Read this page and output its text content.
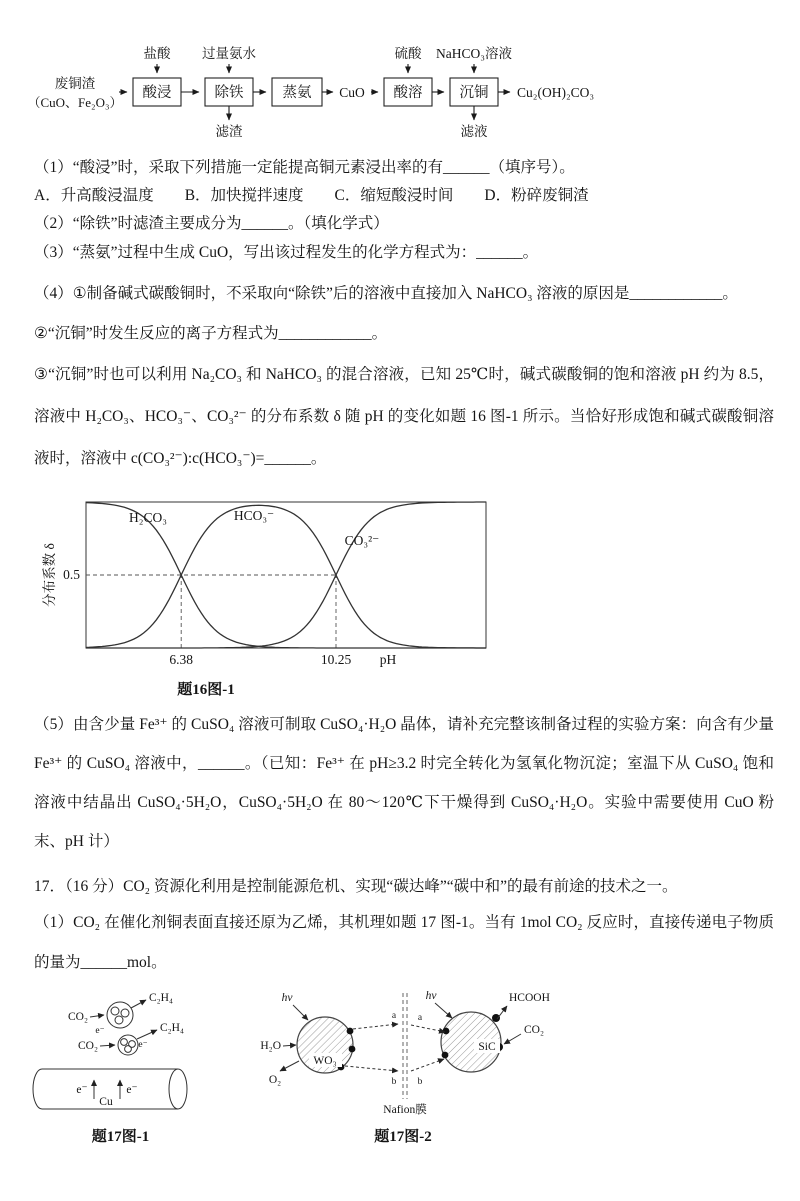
酸浸	除铁	蒸氨	酸溶	沉铜
盐酸 过量氨水	硫酸 NaHCO₃溶液
滤渣	滤液
废铜渣
（CuO、Fe₂O₃）
CuO	Cu₂(OH)₂CO₃

（1）“酸浸”时，采取下列措施一定能提高铜元素浸出率的有______（填序号）。

A．升高酸浸温度　　B．加快搅拌速度　　C．缩短酸浸时间　　D．粉碎废铜渣

（2）“除铁”时滤渣主要成分为______。（填化学式）

（3）“蒸氨”过程中生成 CuO，写出该过程发生的化学方程式为：______。

（4）①制备碱式碳酸铜时，不采取向“除铁”后的溶液中直接加入 NaHCO₃ 溶液的原因是____________。

②“沉铜”时发生反应的离子方程式为____________。

③“沉铜”时也可以利用 Na₂CO₃ 和 NaHCO₃ 的混合溶液，已知 25℃时，碱式碳酸铜的饱和溶液 pH 约为 8.5，溶液中 H₂CO₃、HCO₃⁻、CO₃²⁻ 的分布系数 δ 随 pH 的变化如题 16 图-1 所示。当恰好形成饱和碱式碳酸铜溶液时，溶液中 c(CO₃²⁻):c(HCO₃⁻)=______。

分布系数 δ 0.5
6.38	10.25 pH
H₂CO₃	HCO₃⁻
CO₃²⁻
题16图-1

（5）由含少量 Fe³⁺ 的 CuSO₄ 溶液可制取 CuSO₄·H₂O 晶体，请补充完整该制备过程的实验方案：向含有少量 Fe³⁺ 的 CuSO₄ 溶液中，______。（已知：Fe³⁺ 在 pH≥3.2 时完全转化为氢氧化物沉淀；室温下从 CuSO₄ 饱和溶液中结晶出 CuSO₄·5H₂O，CuSO₄·5H₂O 在 80～120℃下干燥得到 CuSO₄·H₂O。实验中需要使用 CuO 粉末、pH 计）

17．（16 分）CO₂ 资源化利用是控制能源危机、实现“碳达峰”“碳中和”的最有前途的技术之一。

（1）CO₂ 在催化剂铜表面直接还原为乙烯，其机理如题 17 图-1。当有 1mol CO₂ 反应时，直接传递电子物质的量为______mol。

CO₂
CO₂
C₂H₄
C₂H₄
e⁻
e⁻
e⁻	e⁻
Cu
题17图-1
WO₃
SiC
Nafion膜
hν	hν
H₂O
O₂
HCOOH
CO₂
a a
b b
题17图-2
